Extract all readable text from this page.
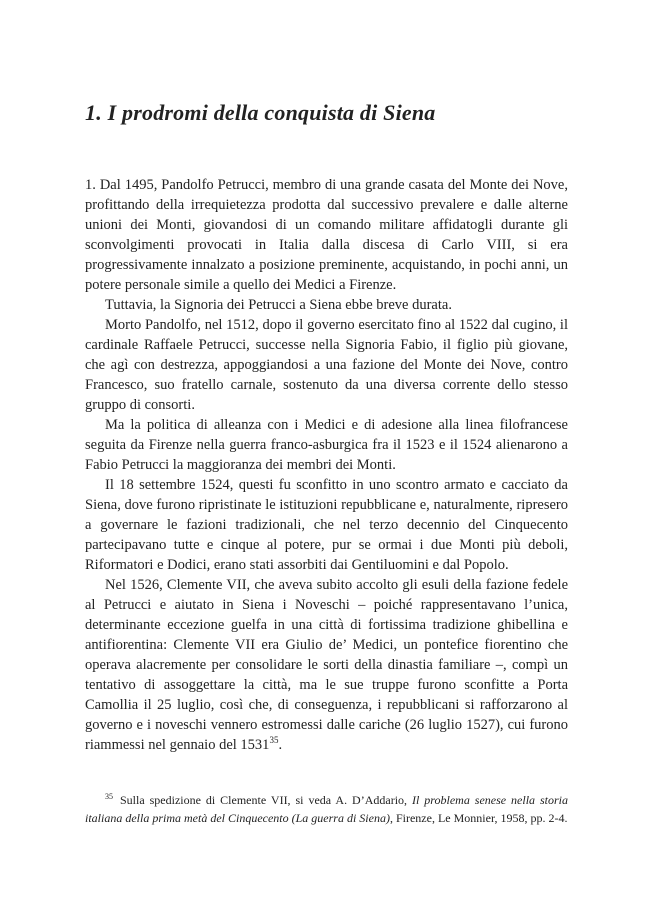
1. I prodromi della conquista di Siena

1. Dal 1495, Pandolfo Petrucci, membro di una grande casata del Monte dei Nove, profittando della irrequietezza prodotta dal successivo prevalere e dalle alterne unioni dei Monti, giovandosi di un comando militare affidatogli durante gli sconvolgimenti provocati in Italia dalla discesa di Carlo VIII, si era progressivamente innalzato a posizione preminente, acquistando, in pochi anni, un potere personale simile a quello dei Medici a Firenze.

Tuttavia, la Signoria dei Petrucci a Siena ebbe breve durata.

Morto Pandolfo, nel 1512, dopo il governo esercitato fino al 1522 dal cugino, il cardinale Raffaele Petrucci, successe nella Signoria Fabio, il figlio più giovane, che agì con destrezza, appoggiandosi a una fazione del Monte dei Nove, contro Francesco, suo fratello carnale, sostenuto da una diversa corrente dello stesso gruppo di consorti.

Ma la politica di alleanza con i Medici e di adesione alla linea filofrancese seguita da Firenze nella guerra franco-asburgica fra il 1523 e il 1524 alienarono a Fabio Petrucci la maggioranza dei membri dei Monti.

Il 18 settembre 1524, questi fu sconfitto in uno scontro armato e cacciato da Siena, dove furono ripristinate le istituzioni repubblicane e, naturalmente, ripresero a governare le fazioni tradizionali, che nel terzo decennio del Cinquecento partecipavano tutte e cinque al potere, pur se ormai i due Monti più deboli, Riformatori e Dodici, erano stati assorbiti dai Gentiluomini e dal Popolo.

Nel 1526, Clemente VII, che aveva subito accolto gli esuli della fazione fedele al Petrucci e aiutato in Siena i Noveschi – poiché rappresentavano l’unica, determinante eccezione guelfa in una città di fortissima tradizione ghibellina e antifiorentina: Clemente VII era Giulio de’ Medici, un pontefice fiorentino che operava alacremente per consolidare le sorti della dinastia familiare –, compì un tentativo di assoggettare la città, ma le sue truppe furono sconfitte a Porta Camollia il 25 luglio, così che, di conseguenza, i repubblicani si rafforzarono al governo e i noveschi vennero estromessi dalle cariche (26 luglio 1527), cui furono riammessi nel gennaio del 1531$^{35}$.

$^{35}$ Sulla spedizione di Clemente VII, si veda A. D’Addario, Il problema senese nella storia italiana della prima metà del Cinquecento (La guerra di Siena), Firenze, Le Monnier, 1958, pp. 2-4.
